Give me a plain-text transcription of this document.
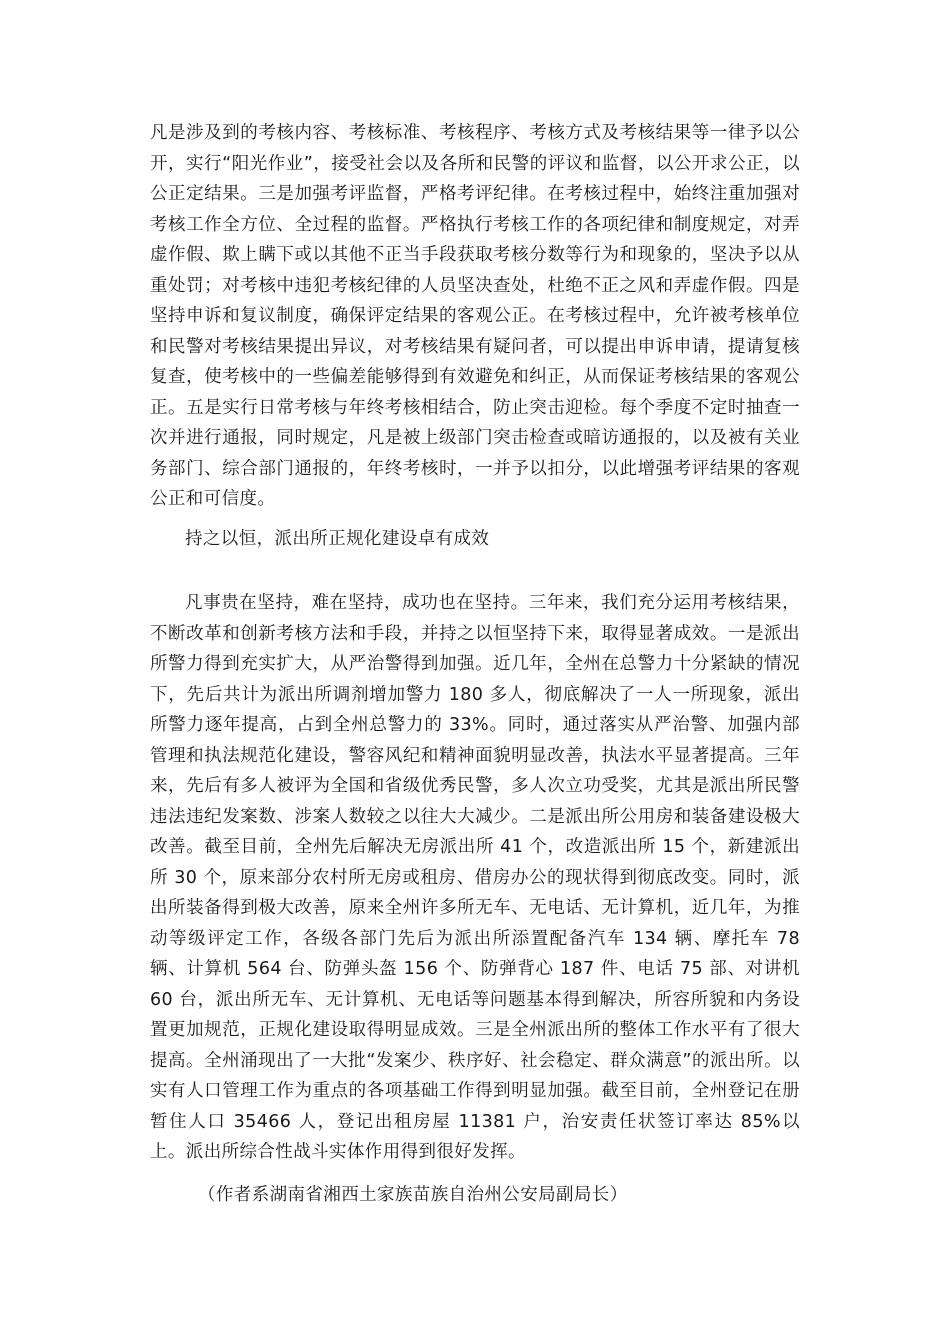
凡是涉及到的考核内容、考核标准、考核程序、考核方式及考核结果等一律予以公开，实行“阳光作业”，接受社会以及各所和民警的评议和监督，以公开求公正，以公正定结果。三是加强考评监督，严格考评纪律。在考核过程中，始终注重加强对考核工作全方位、全过程的监督。严格执行考核工作的各项纪律和制度规定，对弄虚作假、欺上瞒下或以其他不正当手段获取考核分数等行为和现象的，坚决予以从重处罚；对考核中违犯考核纪律的人员坚决查处，杜绝不正之风和弄虚作假。四是坚持申诉和复议制度，确保评定结果的客观公正。在考核过程中，允许被考核单位和民警对考核结果提出异议，对考核结果有疑问者，可以提出申诉申请，提请复核复查，使考核中的一些偏差能够得到有效避免和纠正，从而保证考核结果的客观公正。五是实行日常考核与年终考核相结合，防止突击迎检。每个季度不定时抽查一次并进行通报，同时规定，凡是被上级部门突击检查或暗访通报的，以及被有关业务部门、综合部门通报的，年终考核时，一并予以扣分，以此增强考评结果的客观公正和可信度。

持之以恒，派出所正规化建设卓有成效

凡事贵在坚持，难在坚持，成功也在坚持。三年来，我们充分运用考核结果，不断改革和创新考核方法和手段，并持之以恒坚持下来，取得显著成效。一是派出所警力得到充实扩大，从严治警得到加强。近几年，全州在总警力十分紧缺的情况下，先后共计为派出所调剂增加警力 180 多人，彻底解决了一人一所现象，派出所警力逐年提高，占到全州总警力的 33%。同时，通过落实从严治警、加强内部管理和执法规范化建设，警容风纪和精神面貌明显改善，执法水平显著提高。三年来，先后有多人被评为全国和省级优秀民警，多人次立功受奖，尤其是派出所民警违法违纪发案数、涉案人数较之以往大大减少。二是派出所公用房和装备建设极大改善。截至目前，全州先后解决无房派出所 41 个，改造派出所 15 个，新建派出所 30 个，原来部分农村所无房或租房、借房办公的现状得到彻底改变。同时，派出所装备得到极大改善，原来全州许多所无车、无电话、无计算机，近几年，为推动等级评定工作，各级各部门先后为派出所添置配备汽车 134 辆、摩托车 78 辆、计算机 564 台、防弹头盔 156 个、防弹背心 187 件、电话 75 部、对讲机 60 台，派出所无车、无计算机、无电话等问题基本得到解决，所容所貌和内务设置更加规范，正规化建设取得明显成效。三是全州派出所的整体工作水平有了很大提高。全州涌现出了一大批“发案少、秩序好、社会稳定、群众满意”的派出所。以实有人口管理工作为重点的各项基础工作得到明显加强。截至目前，全州登记在册暂住人口 35466 人，登记出租房屋 11381 户，治安责任状签订率达 85%以上。派出所综合性战斗实体作用得到很好发挥。

（作者系湖南省湘西土家族苗族自治州公安局副局长）
